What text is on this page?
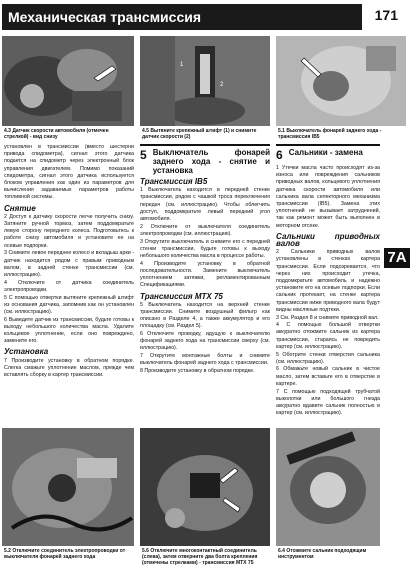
Механическая трансмиссия	171
4.3 Датчик скорости автомобиля (отмечен стрелкой) - вид снизу
1
2
4.5 Вытяните крепежный штифт (1) и снимите датчик скорости (2)
5.1 Выключатель фонарей заднего хода - трансмиссия IB5

установлен в трансмиссии (вместо шестерни привода спидометра), сигнал этого датчика подается на спидометр через электронный блок управления двигателем. Помимо показаний спидометра, сигнал этого датчика используется блоком управления как один из параметров для вычисления задаваемых параметров работы топливной системы.

Снятие

2 Доступ к датчику скорости легче получить снизу. Затяните ручной тормоз, затем поддомкратьте левую сторону переднего колеса. Подготовьтесь к работе снизу автомобиля и установите ее на осевые подпорки.

3 Снимите левое переднее колесо и вкладыш арки - датчик находится рядом с правым приводным валом, в задней стенке трансмиссии (см. иллюстрацию).

4 Отключите от датчика соединитель электропроводки.

5 С помощью отвертки вытяните крепежный штифт из основания датчика, запомнив как он установлен (см. иллюстрацию).

6 Выведите датчик из трансмиссии, будьте готовы к выходу небольшого количества масла. Удалите кольцевое уплотнение, если оно повреждено, замените его.

Установка

7 Производите установку в обратном порядке. Слегка смажьте уплотнение маслом, прежде чем вставлять сборку в картер трансмиссии.

5 Выключатель фонарей заднего хода - снятие и установка
Трансмиссия IB5

1 Выключатель находится в передней стенке трансмиссии, рядом с чашкой троса переключения передач (см. иллюстрацию). Чтобы облегчить доступ, поддомкратьте левый передний угол автомобиля.

2 Отключите от выключателя соединитель электропроводки (см. иллюстрацию).

3 Открутите выключатель и снимите его с передней стенки трансмиссии, будьте готовы к выходу небольшого количества масла в процессе работы.

4 Производите установку в обратной последовательности. Замените выключатель уплотнением затяжки, регламентированным Спецификациями.

Трансмиссия MTX 75

5 Выключатель находится на верхней стенке трансмиссии. Снимите воздушный фильтр как описано в Разделе 4, а также аккумулятор и его площадку (см. Раздел 5).

6 Отключите проводку, идущую к выключателю фонарей заднего хода на трансмиссии сверху (см. иллюстрацию).

7 Открутите монтажные болты и снимите выключатель фонарей заднего хода с трансмиссии.

8 Производите установку в обратном порядке.

6 Сальники - замена

1 Утечки масла часто происходят из-за износа или повреждения сальников приводных валов, кольцевого уплотнения датчика скорости автомобиля или сальника вала селекторного механизма трансмиссии (IB5). Замена этих уплотнений не вызывает затруднений, так как ремонт может быть выполнен в моторном отсеке.

Сальники приводных валов

2 Сальники приводных валов установлены в стенках картера трансмиссии. Если подозревается, что через них происходит утечка, поддомкратьте автомобиль и надежно установите его на осевые подпорки. Если сальник протекает, на стенке картера трансмиссии ниже приводного вала будут видны масляные подтеки.

3 См. Раздел 8 и снимите приводной вал.

4 С помощью большой отвертки аккуратно отожмите сальник из картера трансмиссии, стараясь не повредить картер (см. иллюстрацию).

5 Оботрите стенки отверстия сальника (см. иллюстрацию).

6 Обмажьте новый сальник в чистое масло, затем вставьте его в отверстие в картере.

7 С помощью подходящей трубчатой выколотки или большого гнезда аккуратно вдавите сальник полностью в картер (см. иллюстрацию).

7A
5.2 Отключите соединитель электропроводки от выключателя фонарей заднего хода
5.6 Отключите многоконтактный соединитель (слева), затем отверните два болта крепления (отмечены стрелками) - трансмиссия MTX 75
6.4 Отожмите сальник подходящим инструментом
